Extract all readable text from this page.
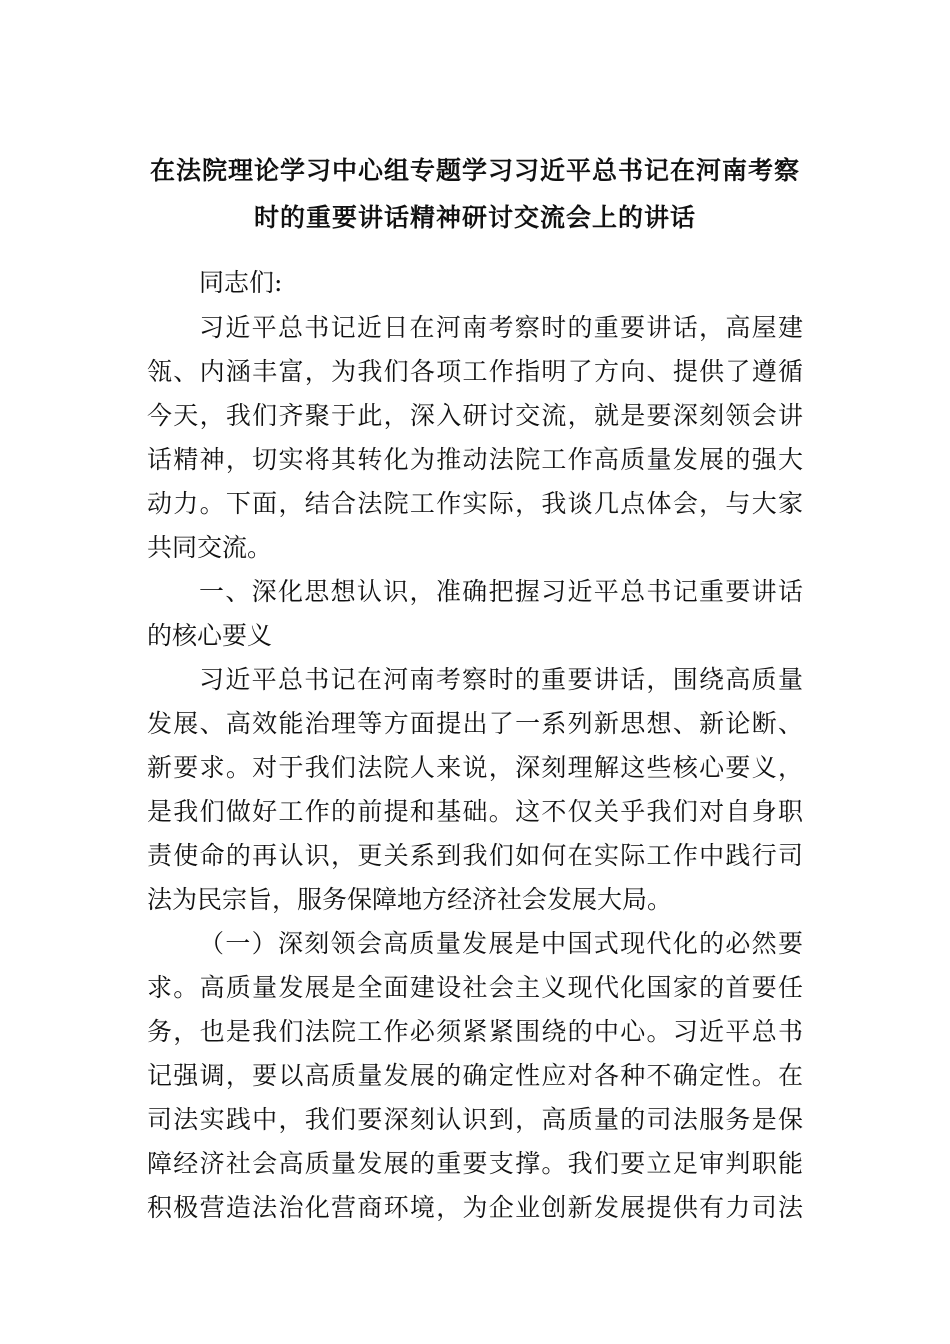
在法院理论学习中心组专题学习习近平总书记在河南考察
时的重要讲话精神研讨交流会上的讲话
同志们:
习近平总书记近日在河南考察时的重要讲话，高屋建
瓴、内涵丰富，为我们各项工作指明了方向、提供了遵循
今天，我们齐聚于此，深入研讨交流，就是要深刻领会讲
话精神，切实将其转化为推动法院工作高质量发展的强大
动力。下面，结合法院工作实际，我谈几点体会，与大家
共同交流。
一、深化思想认识，准确把握习近平总书记重要讲话
的核心要义
习近平总书记在河南考察时的重要讲话，围绕高质量
发展、高效能治理等方面提出了一系列新思想、新论断、
新要求。对于我们法院人来说，深刻理解这些核心要义，
是我们做好工作的前提和基础。这不仅关乎我们对自身职
责使命的再认识，更关系到我们如何在实际工作中践行司
法为民宗旨，服务保障地方经济社会发展大局。
（一）深刻领会高质量发展是中国式现代化的必然要
求。高质量发展是全面建设社会主义现代化国家的首要任
务，也是我们法院工作必须紧紧围绕的中心。习近平总书
记强调，要以高质量发展的确定性应对各种不确定性。在
司法实践中，我们要深刻认识到，高质量的司法服务是保
障经济社会高质量发展的重要支撑。我们要立足审判职能
积极营造法治化营商环境，为企业创新发展提供有力司法
